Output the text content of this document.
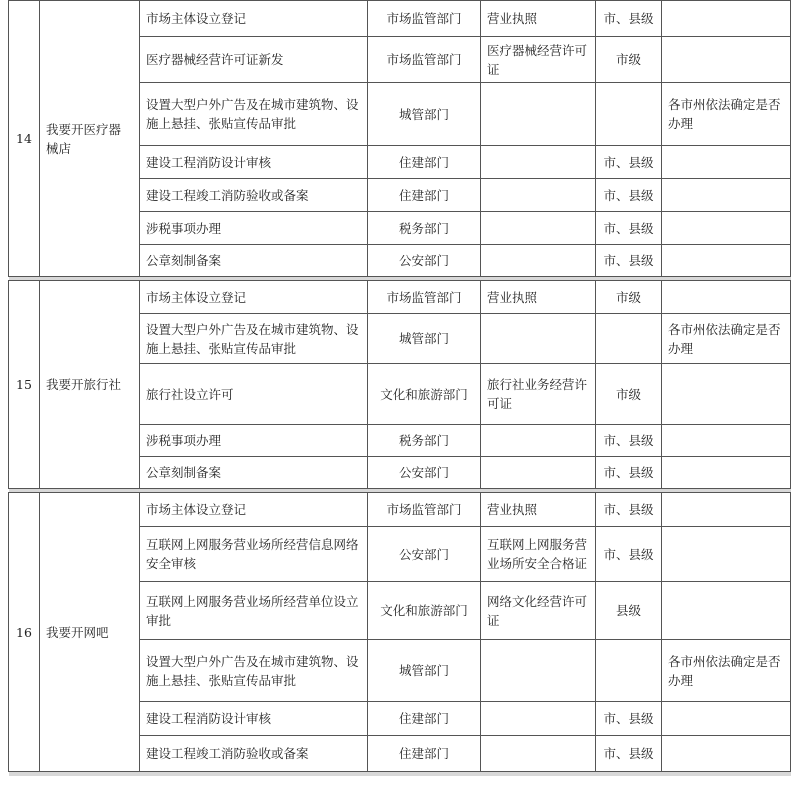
14	我要开医疗器械店	市场主体设立登记	市场监管部门	营业执照	市、县级	
		医疗器械经营许可证新发	市场监管部门	医疗器械经营许可证	市级	
		设置大型户外广告及在城市建筑物、设施上悬挂、张贴宣传品审批	城管部门			各市州依法确定是否办理
		建设工程消防设计审核	住建部门		市、县级	
		建设工程竣工消防验收或备案	住建部门		市、县级	
		涉税事项办理	税务部门		市、县级	
		公章刻制备案	公安部门		市、县级	

15	我要开旅行社	市场主体设立登记	市场监管部门	营业执照	市级	
		设置大型户外广告及在城市建筑物、设施上悬挂、张贴宣传品审批	城管部门			各市州依法确定是否办理
		旅行社设立许可	文化和旅游部门	旅行社业务经营许可证	市级	
		涉税事项办理	税务部门		市、县级	
		公章刻制备案	公安部门		市、县级	

16	我要开网吧	市场主体设立登记	市场监管部门	营业执照	市、县级	
		互联网上网服务营业场所经营信息网络安全审核	公安部门	互联网上网服务营业场所安全合格证	市、县级	
		互联网上网服务营业场所经营单位设立审批	文化和旅游部门	网络文化经营许可证	县级	
		设置大型户外广告及在城市建筑物、设施上悬挂、张贴宣传品审批	城管部门			各市州依法确定是否办理
		建设工程消防设计审核	住建部门		市、县级	
		建设工程竣工消防验收或备案	住建部门		市、县级	
